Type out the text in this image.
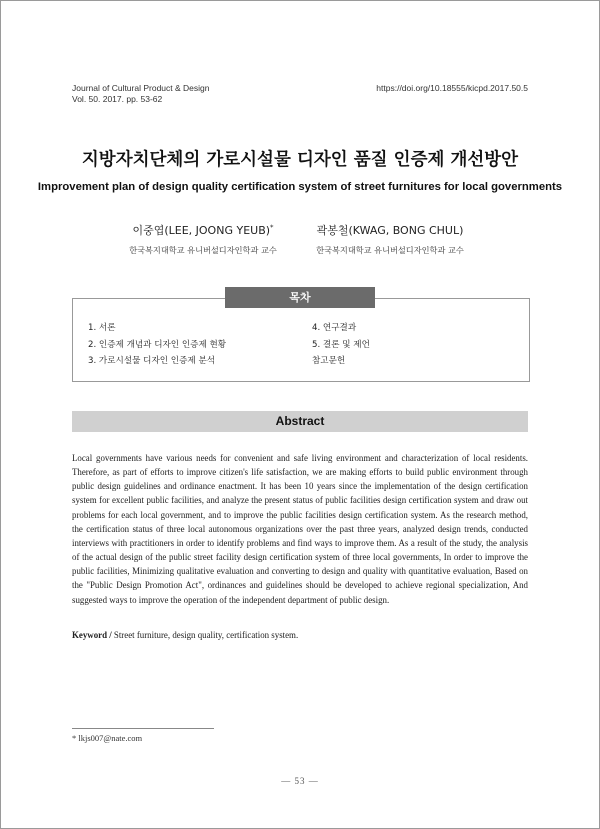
Journal of Cultural Product & Design
Vol. 50. 2017. pp. 53-62
https://doi.org/10.18555/kicpd.2017.50.5
지방자치단체의 가로시설물 디자인 품질 인증제 개선방안
Improvement plan of design quality certification system of street furnitures for local governments
이중엽(LEE, JOONG YEUB)*
한국복지대학교 유니버설디자인학과 교수
곽봉철(KWAG, BONG CHUL)
한국복지대학교 유니버설디자인학과 교수
목차
1. 서론
2. 인증제 개념과 디자인 인증제 현황
3. 가로시설물 디자인 인증제 분석
4. 연구결과
5. 결론 및 제언
참고문헌
Abstract
Local governments have various needs for convenient and safe living environment and characterization of local residents. Therefore, as part of efforts to improve citizen's life satisfaction, we are making efforts to build public environment through public design guidelines and ordinance enactment. It has been 10 years since the implementation of the design certification system for excellent public facilities, and analyze the present status of public facilities design certification system and draw out problems for each local government, and to improve the public facilities design certification system. As the research method, the certification status of three local autonomous organizations over the past three years, analyzed design trends, conducted interviews with practitioners in order to identify problems and find ways to improve them. As a result of the study, the analysis of the actual design of the public street facility design certification system of three local governments, In order to improve the public facilities, Minimizing qualitative evaluation and converting to design and quality with quantitative evaluation, Based on the "Public Design Promotion Act", ordinances and guidelines should be developed to achieve regional specialization, And suggested ways to improve the operation of the independent department of public design.
Keyword / Street furniture, design quality, certification system.
* lkjs007@nate.com
— 53 —
